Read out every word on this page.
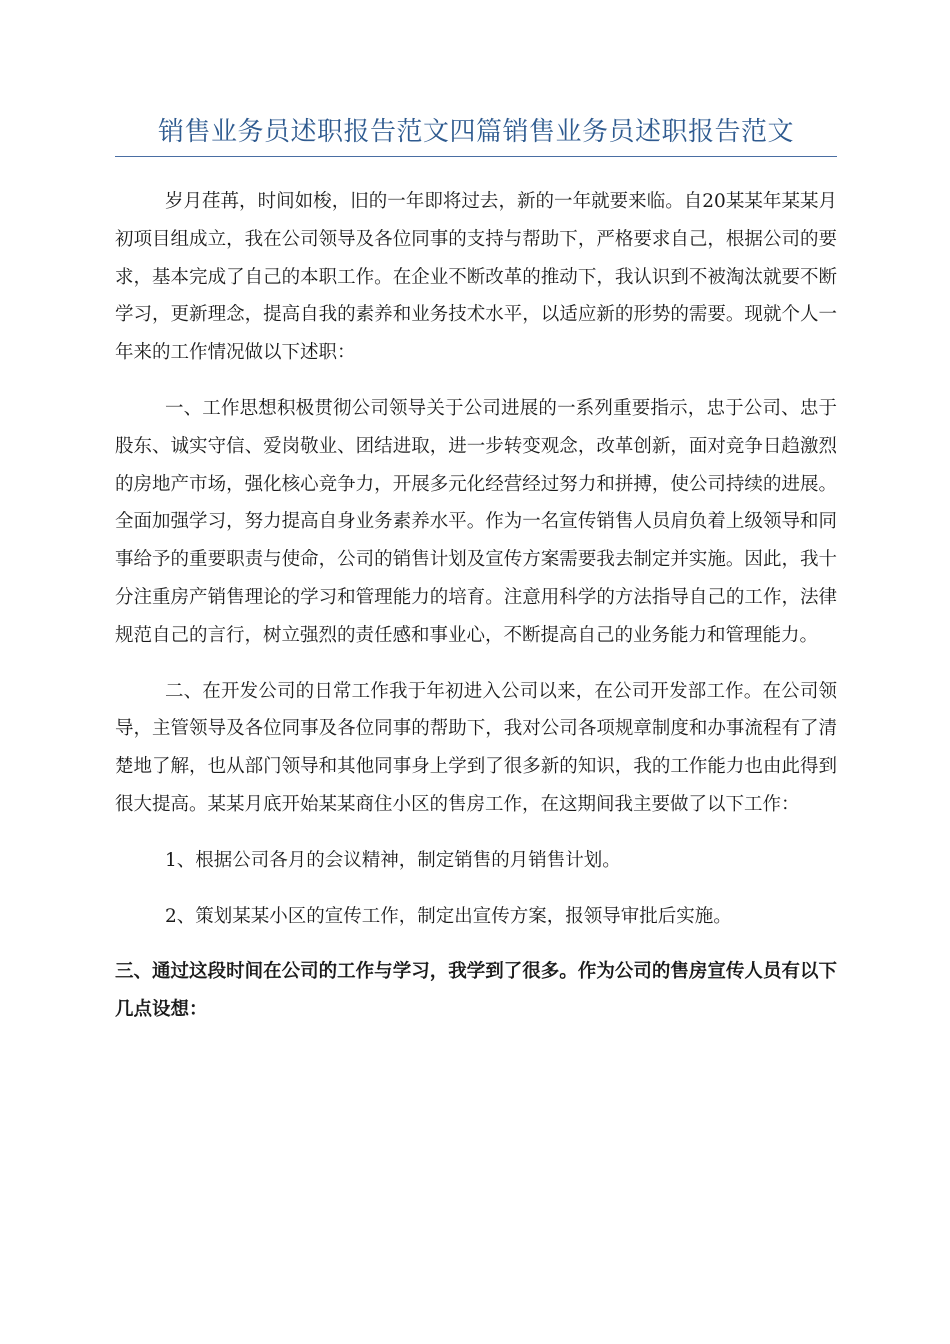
销售业务员述职报告范文四篇销售业务员述职报告范文

岁月荏苒，时间如梭，旧的一年即将过去，新的一年就要来临。自20某某年某某月初项目组成立，我在公司领导及各位同事的支持与帮助下，严格要求自己，根据公司的要求，基本完成了自己的本职工作。在企业不断改革的推动下，我认识到不被淘汰就要不断学习，更新理念，提高自我的素养和业务技术水平，以适应新的形势的需要。现就个人一年来的工作情况做以下述职：

一、工作思想积极贯彻公司领导关于公司进展的一系列重要指示，忠于公司、忠于股东、诚实守信、爱岗敬业、团结进取，进一步转变观念，改革创新，面对竞争日趋激烈的房地产市场，强化核心竞争力，开展多元化经营经过努力和拼搏，使公司持续的进展。全面加强学习，努力提高自身业务素养水平。作为一名宣传销售人员肩负着上级领导和同事给予的重要职责与使命，公司的销售计划及宣传方案需要我去制定并实施。因此，我十分注重房产销售理论的学习和管理能力的培育。注意用科学的方法指导自己的工作，法律规范自己的言行，树立强烈的责任感和事业心，不断提高自己的业务能力和管理能力。

二、在开发公司的日常工作我于年初进入公司以来，在公司开发部工作。在公司领导，主管领导及各位同事及各位同事的帮助下，我对公司各项规章制度和办事流程有了清楚地了解，也从部门领导和其他同事身上学到了很多新的知识，我的工作能力也由此得到很大提高。某某月底开始某某商住小区的售房工作，在这期间我主要做了以下工作：

1、根据公司各月的会议精神，制定销售的月销售计划。

2、策划某某小区的宣传工作，制定出宣传方案，报领导审批后实施。

三、通过这段时间在公司的工作与学习，我学到了很多。作为公司的售房宣传人员有以下几点设想：
